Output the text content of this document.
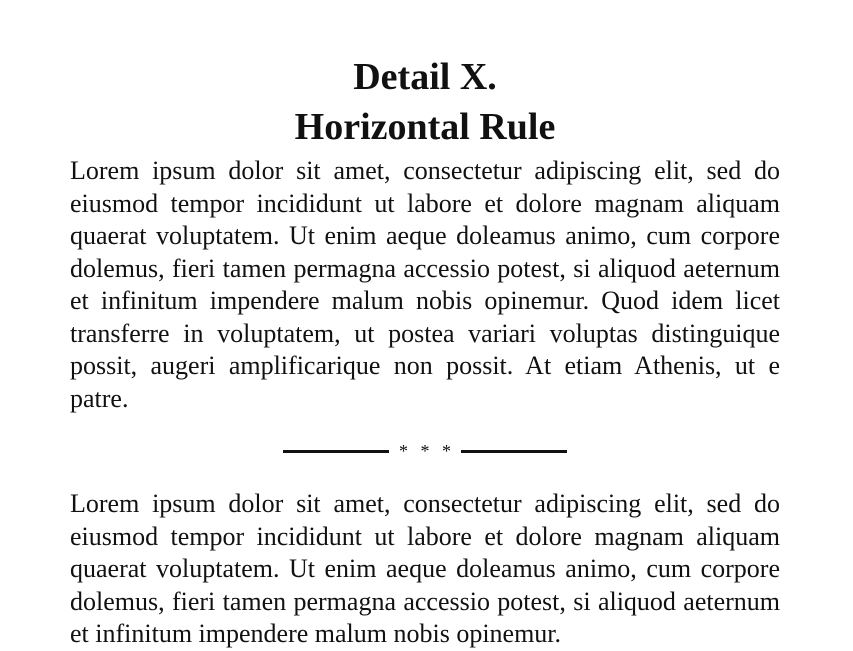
Detail X.
Horizontal Rule

Lorem ipsum dolor sit amet, consectetur adipiscing elit, sed do eiusmod tempor incididunt ut labore et dolore magnam aliquam quaerat voluptatem. Ut enim aeque doleamus animo, cum corpore dolemus, fieri tamen permagna accessio potest, si aliquod aeternum et infinitum impendere malum nobis opinemur. Quod idem licet transferre in voluptatem, ut postea variari voluptas distinguique possit, augeri amplificarique non possit. At etiam Athenis, ut e patre.

* * *

Lorem ipsum dolor sit amet, consectetur adipiscing elit, sed do eiusmod tempor incididunt ut labore et dolore magnam aliquam quaerat voluptatem. Ut enim aeque doleamus animo, cum corpore dolemus, fieri tamen permagna accessio potest, si aliquod aeternum et infinitum impendere malum nobis opinemur.
